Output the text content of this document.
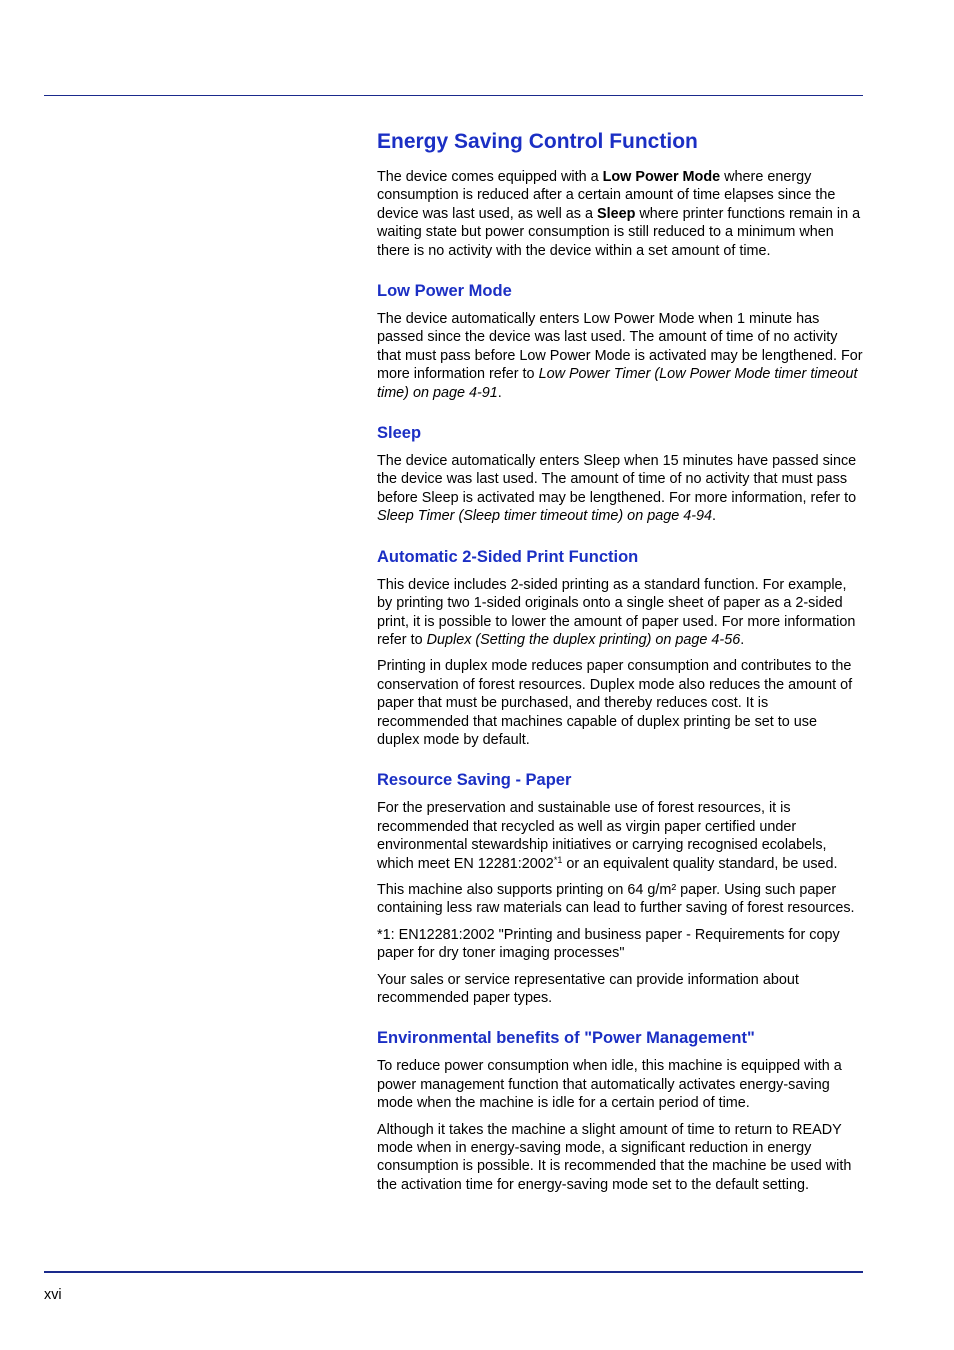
Energy Saving Control Function

The device comes equipped with a Low Power Mode where energy consumption is reduced after a certain amount of time elapses since the device was last used, as well as a Sleep where printer functions remain in a waiting state but power consumption is still reduced to a minimum when there is no activity with the device within a set amount of time.

Low Power Mode

The device automatically enters Low Power Mode when 1 minute has passed since the device was last used. The amount of time of no activity that must pass before Low Power Mode is activated may be lengthened. For more information refer to Low Power Timer (Low Power Mode timer timeout time) on page 4-91.

Sleep

The device automatically enters Sleep when 15 minutes have passed since the device was last used. The amount of time of no activity that must pass before Sleep is activated may be lengthened. For more information, refer to Sleep Timer (Sleep timer timeout time) on page 4-94.

Automatic 2-Sided Print Function

This device includes 2-sided printing as a standard function. For example, by printing two 1-sided originals onto a single sheet of paper as a 2-sided print, it is possible to lower the amount of paper used. For more information refer to Duplex (Setting the duplex printing) on page 4-56.

Printing in duplex mode reduces paper consumption and contributes to the conservation of forest resources. Duplex mode also reduces the amount of paper that must be purchased, and thereby reduces cost. It is recommended that machines capable of duplex printing be set to use duplex mode by default.

Resource Saving - Paper

For the preservation and sustainable use of forest resources, it is recommended that recycled as well as virgin paper certified under environmental stewardship initiatives or carrying recognised ecolabels, which meet EN 12281:2002$^{*1}$ or an equivalent quality standard, be used.

This machine also supports printing on 64 g/m² paper. Using such paper containing less raw materials can lead to further saving of forest resources.

*1: EN12281:2002 "Printing and business paper - Requirements for copy paper for dry toner imaging processes"

Your sales or service representative can provide information about recommended paper types.

Environmental benefits of "Power Management"

To reduce power consumption when idle, this machine is equipped with a power management function that automatically activates energy-saving mode when the machine is idle for a certain period of time.

Although it takes the machine a slight amount of time to return to READY mode when in energy-saving mode, a significant reduction in energy consumption is possible. It is recommended that the machine be used with the activation time for energy-saving mode set to the default setting.

xvi
